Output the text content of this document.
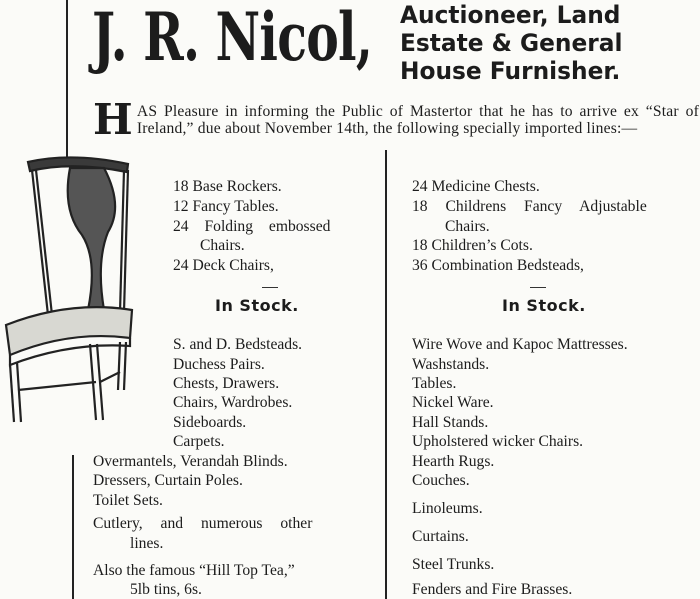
J. R. Nicol, Auctioneer, Land
Estate & General
House Furnisher.
HAS Pleasure in informing the Public of Mastertor that he has to arrive ex “Star of Ireland,” due about November 14th, the following specially imported lines:—
18 Base Rockers.
12 Fancy Tables.
24 Folding embossed
Chairs.
24 Deck Chairs,
In Stock.
S. and D. Bedsteads.
Duchess Pairs.
Chests, Drawers.
Chairs, Wardrobes.
Sideboards.
Carpets.
Overmantels, Verandah Blinds.
Dressers, Curtain Poles.
Toilet Sets.
Cutlery, and numerous other
lines.
Also the famous “Hill Top Tea,”
5lb tins, 6s.
24 Medicine Chests.
18 Childrens Fancy Adjustable
Chairs.
18 Children’s Cots.
36 Combination Bedsteads,
In Stock.
Wire Wove and Kapoc Mattresses.
Washstands.
Tables.
Nickel Ware.
Hall Stands.
Upholstered wicker Chairs.
Hearth Rugs.
Couches.
Linoleums.
Curtains.
Steel Trunks.
Fenders and Fire Brasses.
